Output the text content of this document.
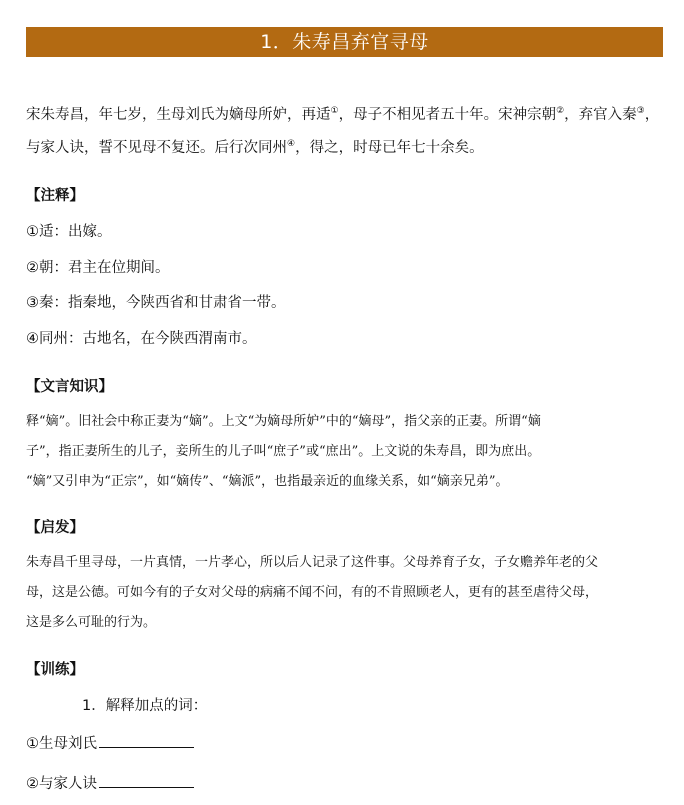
1．朱寿昌弃官寻母
宋朱寿昌，年七岁，生母刘氏为嫡母所妒，再适①，母子不相见者五十年。宋神宗朝②，弃官入秦③，
与家人诀，誓不见母不复还。后行次同州④，得之，时母已年七十余矣。
【注释】
①适：出嫁。
②朝：君主在位期间。
③秦：指秦地，今陕西省和甘肃省一带。
④同州：古地名，在今陕西渭南市。
【文言知识】
释“嫡”。旧社会中称正妻为“嫡”。上文“为嫡母所妒”中的“嫡母”，指父亲的正妻。所谓“嫡
子”，指正妻所生的儿子，妾所生的儿子叫“庶子”或“庶出”。上文说的朱寿昌，即为庶出。
“嫡”又引申为“正宗”，如“嫡传”、“嫡派”，也指最亲近的血缘关系，如“嫡亲兄弟”。
【启发】
朱寿昌千里寻母，一片真情，一片孝心，所以后人记录了这件事。父母养育子女，子女赡养年老的父
母，这是公德。可如今有的子女对父母的病痛不闻不问，有的不肯照顾老人，更有的甚至虐待父母，
这是多么可耻的行为。
【训练】
1．解释加点的词：
①生母刘氏
②与家人诀
